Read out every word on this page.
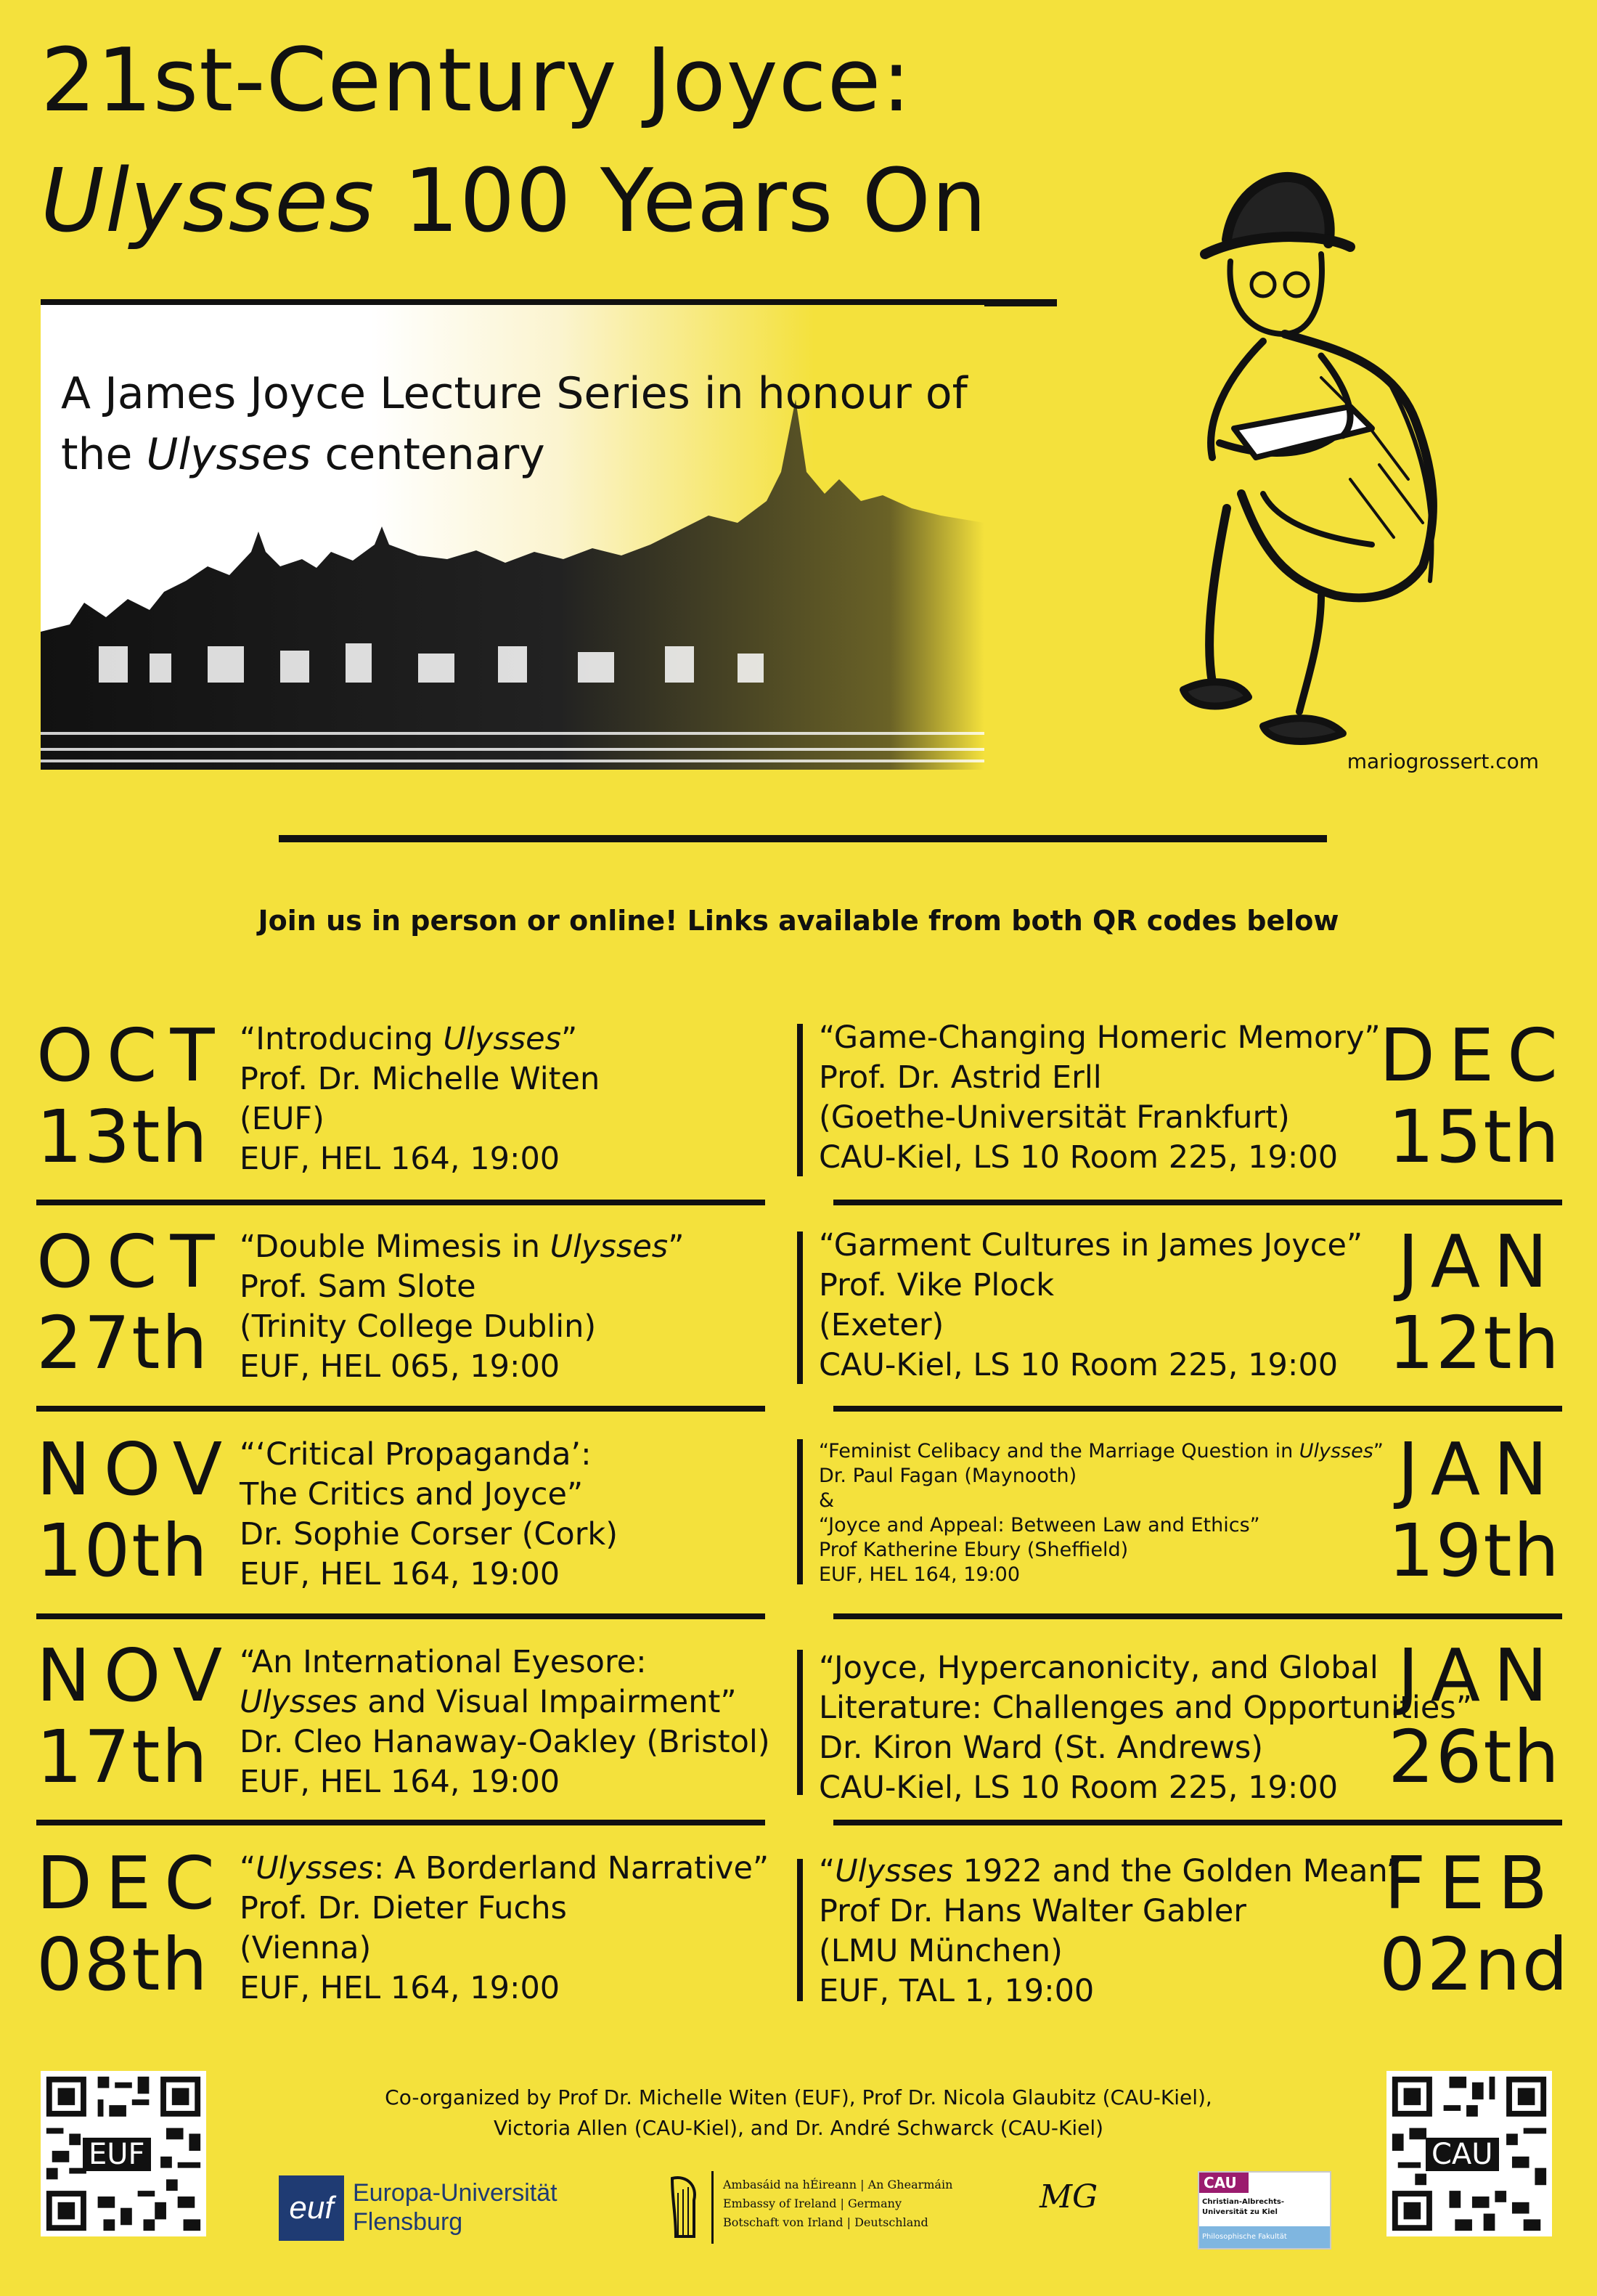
21st-Century Joyce:
Ulysses 100 Years On
A James Joyce Lecture Series in honour of
the Ulysses centenary
mariogrossert.com
Join us in person or online! Links available from both QR codes below
OCT
13th
“Introducing Ulysses”
Prof. Dr. Michelle Witen
(EUF)
EUF, HEL 164, 19:00
OCT
27th
“Double Mimesis in Ulysses”
Prof. Sam Slote
(Trinity College Dublin)
EUF, HEL 065, 19:00
NOV
10th
“‘Critical Propaganda’:
The Critics and Joyce”
Dr. Sophie Corser (Cork)
EUF, HEL 164, 19:00
NOV
17th
“An International Eyesore:
Ulysses and Visual Impairment”
Dr. Cleo Hanaway-Oakley (Bristol)
EUF, HEL 164, 19:00
DEC
08th
“Ulysses: A Borderland Narrative”
Prof. Dr. Dieter Fuchs
(Vienna)
EUF, HEL 164, 19:00
“Game-Changing Homeric Memory”
Prof. Dr. Astrid Erll
(Goethe-Universität Frankfurt)
CAU-Kiel, LS 10 Room 225, 19:00
DEC
15th
“Garment Cultures in James Joyce”
Prof. Vike Plock
(Exeter)
CAU-Kiel, LS 10 Room 225, 19:00
JAN
12th
“Feminist Celibacy and the Marriage Question in Ulysses”
Dr. Paul Fagan (Maynooth)
&
“Joyce and Appeal: Between Law and Ethics”
Prof Katherine Ebury (Sheffield)
EUF, HEL 164, 19:00
JAN
19th
“Joyce, Hypercanonicity, and Global
Literature: Challenges and Opportunities”
Dr. Kiron Ward (St. Andrews)
CAU-Kiel, LS 10 Room 225, 19:00
JAN
26th
“Ulysses 1922 and the Golden Mean”
Prof Dr. Hans Walter Gabler
(LMU München)
EUF, TAL 1, 19:00
FEB
02nd
Co-organized by Prof Dr. Michelle Witen (EUF), Prof Dr. Nicola Glaubitz (CAU-Kiel),
Victoria Allen (CAU-Kiel), and Dr. André Schwarck (CAU-Kiel)
EUF	CAU
euf Europa-Universität
Flensburg
Ambasáid na hÉireann | An Ghearmáin
Embassy of Ireland | Germany
Botschaft von Irland | Deutschland
MG	CAU
Christian-Albrechts-Universität zu Kiel
Philosophische Fakultät
